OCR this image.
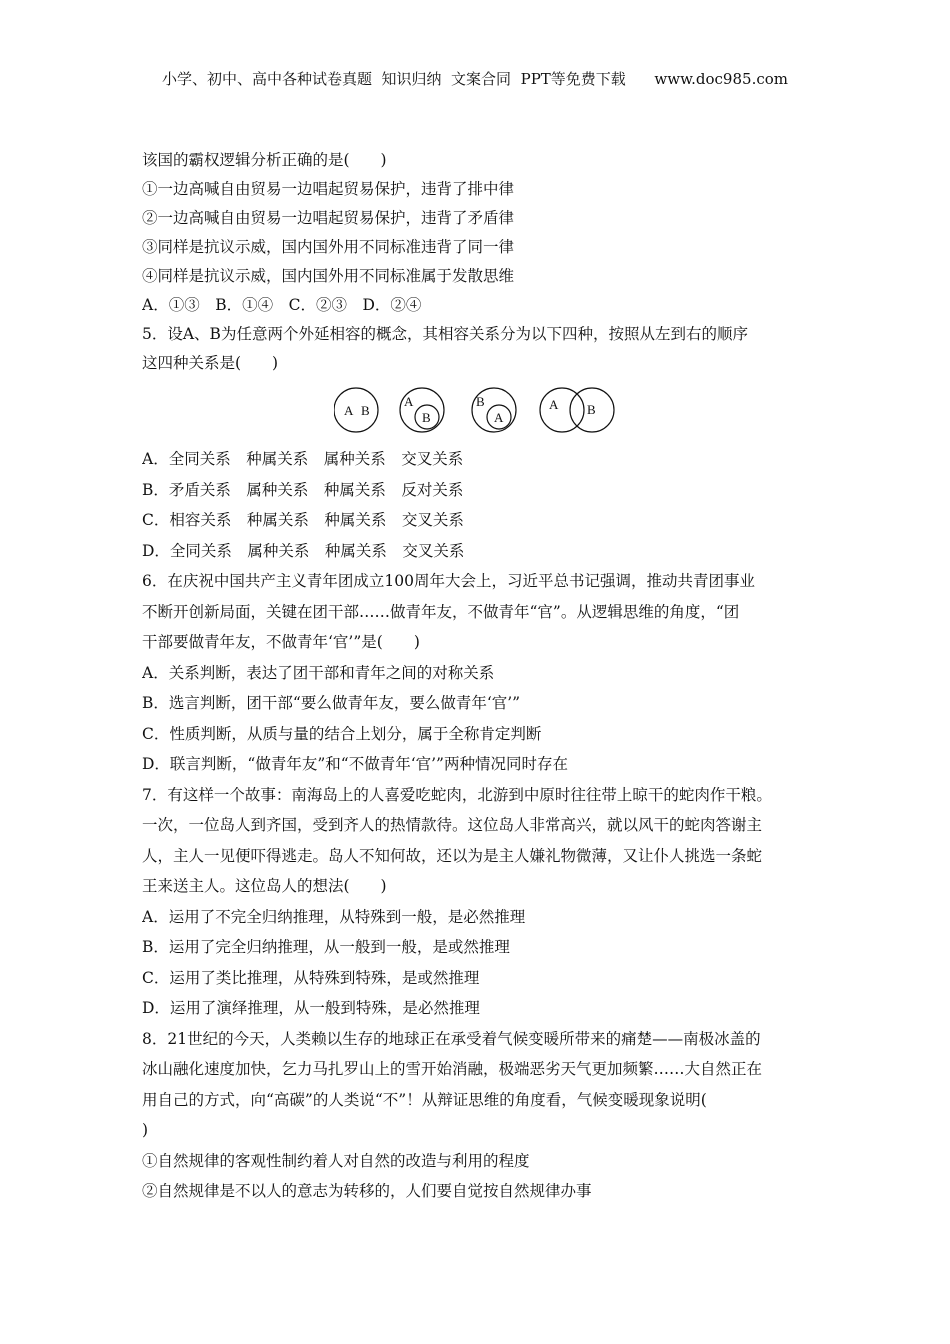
小学、初中、高中各种试卷真题  知识归纳  文案合同  PPT等免费下载      www.doc985.com
该国的霸权逻辑分析正确的是(　　)
①一边高喊自由贸易一边唱起贸易保护，违背了排中律
②一边高喊自由贸易一边唱起贸易保护，违背了矛盾律
③同样是抗议示威，国内国外用不同标准违背了同一律
④同样是抗议示威，国内国外用不同标准属于发散思维
A．①③　B．①④　C．②③　D．②④
5．设A、B为任意两个外延相容的概念，其相容关系分为以下四种，按照从左到右的顺序
这四种关系是(　　)
A B
A
B
B
A
A B
A．全同关系　种属关系　属种关系　交叉关系
B．矛盾关系　属种关系　种属关系　反对关系
C．相容关系　种属关系　种属关系　交叉关系
D．全同关系　属种关系　种属关系　交叉关系
6．在庆祝中国共产主义青年团成立100周年大会上，习近平总书记强调，推动共青团事业
不断开创新局面，关键在团干部……做青年友，不做青年“官”。从逻辑思维的角度，“团
干部要做青年友，不做青年‘官’”是(　　)
A．关系判断，表达了团干部和青年之间的对称关系
B．选言判断，团干部“要么做青年友，要么做青年‘官’”
C．性质判断，从质与量的结合上划分，属于全称肯定判断
D．联言判断，“做青年友”和“不做青年‘官’”两种情况同时存在
7．有这样一个故事：南海岛上的人喜爱吃蛇肉，北游到中原时往往带上晾干的蛇肉作干粮。
一次，一位岛人到齐国，受到齐人的热情款待。这位岛人非常高兴，就以风干的蛇肉答谢主
人，主人一见便吓得逃走。岛人不知何故，还以为是主人嫌礼物微薄，又让仆人挑选一条蛇
王来送主人。这位岛人的想法(　　)
A．运用了不完全归纳推理，从特殊到一般，是必然推理
B．运用了完全归纳推理，从一般到一般，是或然推理
C．运用了类比推理，从特殊到特殊，是或然推理
D．运用了演绎推理，从一般到特殊，是必然推理
8．21世纪的今天，人类赖以生存的地球正在承受着气候变暖所带来的痛楚——南极冰盖的
冰山融化速度加快，乞力马扎罗山上的雪开始消融，极端恶劣天气更加频繁……大自然正在
用自己的方式，向“高碳”的人类说“不”！从辩证思维的角度看，气候变暖现象说明(
)
①自然规律的客观性制约着人对自然的改造与利用的程度
②自然规律是不以人的意志为转移的，人们要自觉按自然规律办事
